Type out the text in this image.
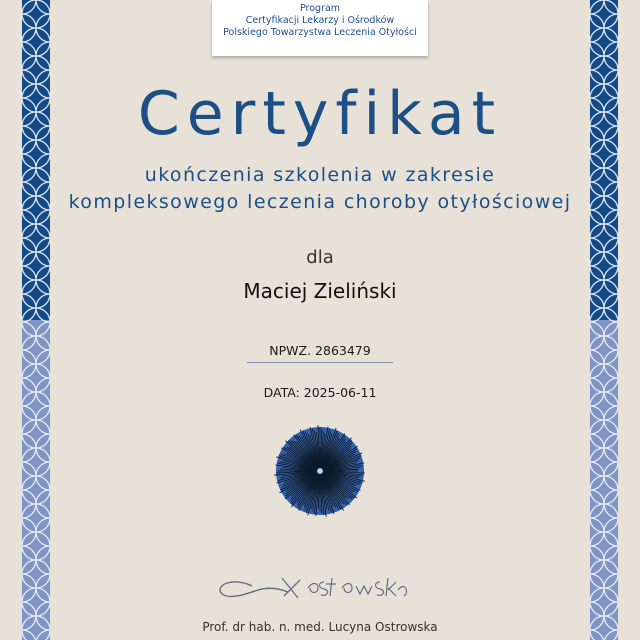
Program
Certyfikacji Lekarzy i Ośrodków
Polskiego Towarzystwa Leczenia Otyłości
Certyfikat
ukończenia szkolenia w zakresie
kompleksowego leczenia choroby otyłościowej
dla
Maciej Zieliński
NPWZ. 2863479
DATA: 2025-06-11
Prof. dr hab. n. med. Lucyna Ostrowska
